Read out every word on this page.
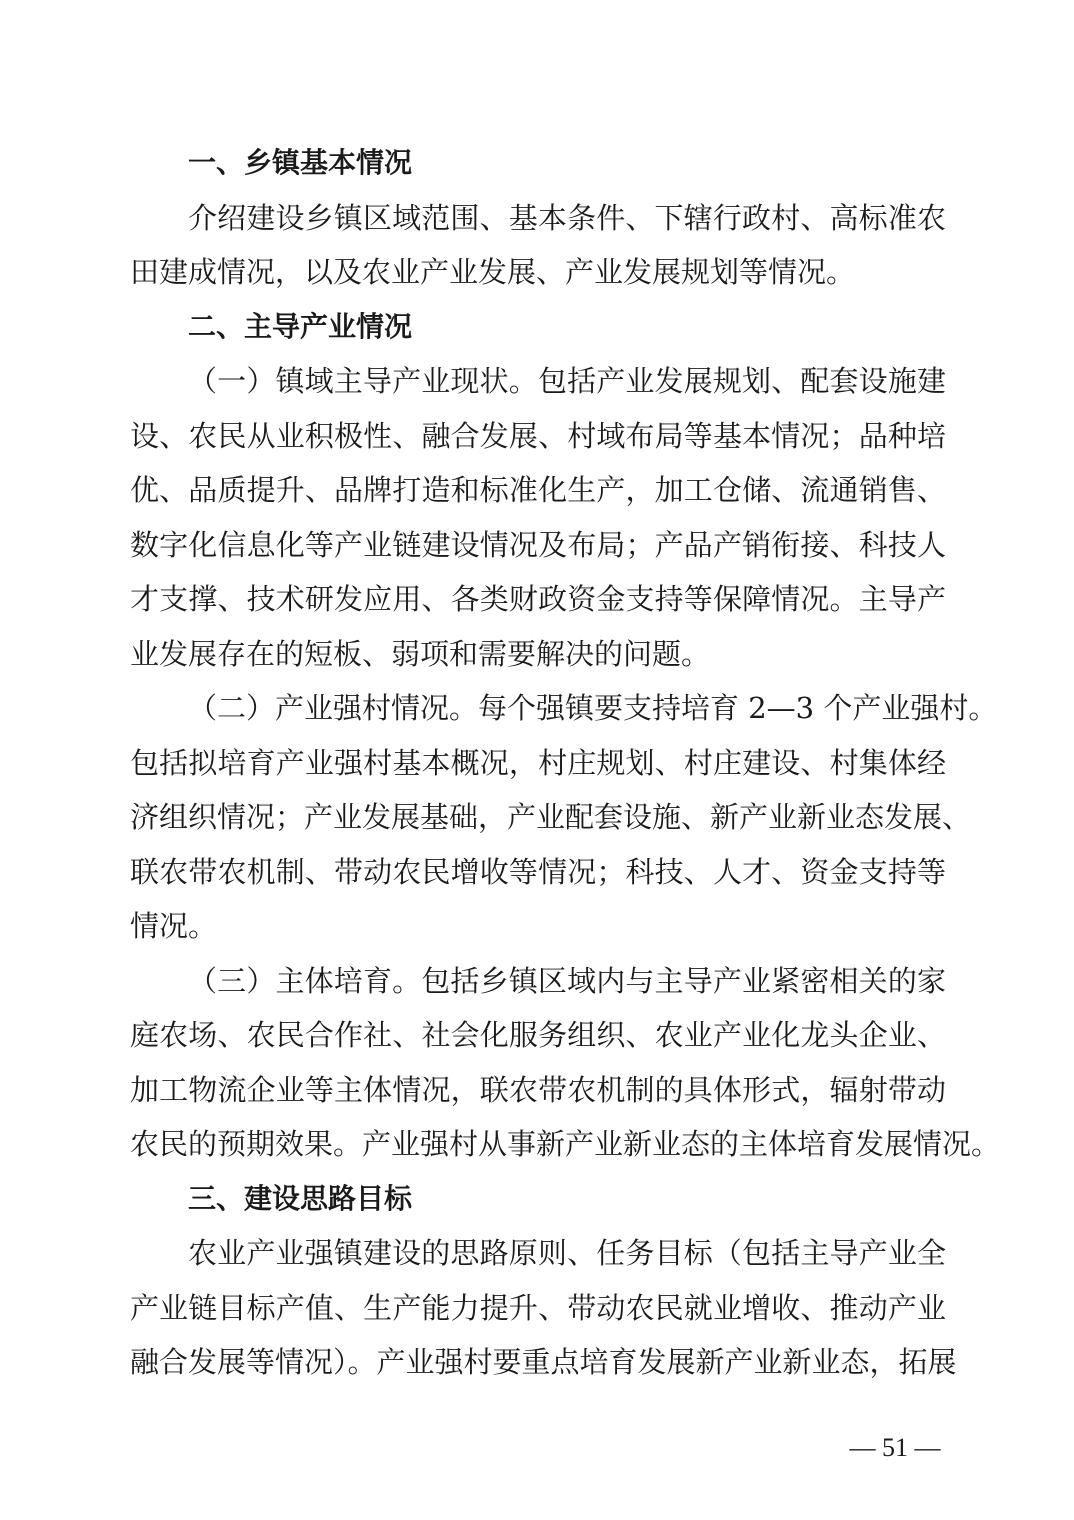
一、乡镇基本情况
介绍建设乡镇区域范围、基本条件、下辖行政村、高标准农
田建成情况，以及农业产业发展、产业发展规划等情况。
二、主导产业情况
（一）镇域主导产业现状。包括产业发展规划、配套设施建
设、农民从业积极性、融合发展、村域布局等基本情况；品种培
优、品质提升、品牌打造和标准化生产，加工仓储、流通销售、
数字化信息化等产业链建设情况及布局；产品产销衔接、科技人
才支撑、技术研发应用、各类财政资金支持等保障情况。主导产
业发展存在的短板、弱项和需要解决的问题。
（二）产业强村情况。每个强镇要支持培育 2—3 个产业强村。
包括拟培育产业强村基本概况，村庄规划、村庄建设、村集体经
济组织情况；产业发展基础，产业配套设施、新产业新业态发展、
联农带农机制、带动农民增收等情况；科技、人才、资金支持等
情况。
（三）主体培育。包括乡镇区域内与主导产业紧密相关的家
庭农场、农民合作社、社会化服务组织、农业产业化龙头企业、
加工物流企业等主体情况，联农带农机制的具体形式，辐射带动
农民的预期效果。产业强村从事新产业新业态的主体培育发展情况。
三、建设思路目标
农业产业强镇建设的思路原则、任务目标（包括主导产业全
产业链目标产值、生产能力提升、带动农民就业增收、推动产业
融合发展等情况）。产业强村要重点培育发展新产业新业态，拓展
— 51 —
